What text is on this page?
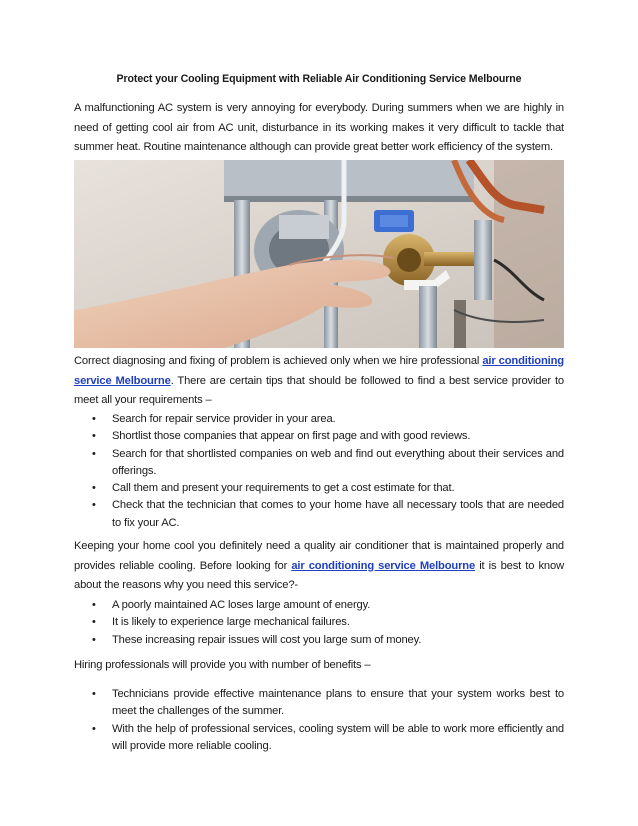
Protect your Cooling Equipment with Reliable Air Conditioning Service Melbourne

A malfunctioning AC system is very annoying for everybody. During summers when we are highly in need of getting cool air from AC unit, disturbance in its working makes it very difficult to tackle that summer heat. Routine maintenance although can provide great better work efficiency of the system.

Correct diagnosing and fixing of problem is achieved only when we hire professional air conditioning service Melbourne. There are certain tips that should be followed to find a best service provider to meet all your requirements –

• Search for repair service provider in your area.
• Shortlist those companies that appear on first page and with good reviews.
• Search for that shortlisted companies on web and find out everything about their services and offerings.
• Call them and present your requirements to get a cost estimate for that.
• Check that the technician that comes to your home have all necessary tools that are needed to fix your AC.

Keeping your home cool you definitely need a quality air conditioner that is maintained properly and provides reliable cooling. Before looking for air conditioning service Melbourne it is best to know about the reasons why you need this service?-

• A poorly maintained AC loses large amount of energy.
• It is likely to experience large mechanical failures.
• These increasing repair issues will cost you large sum of money.

Hiring professionals will provide you with number of benefits –

• Technicians provide effective maintenance plans to ensure that your system works best to meet the challenges of the summer.
• With the help of professional services, cooling system will be able to work more efficiently and will provide more reliable cooling.
